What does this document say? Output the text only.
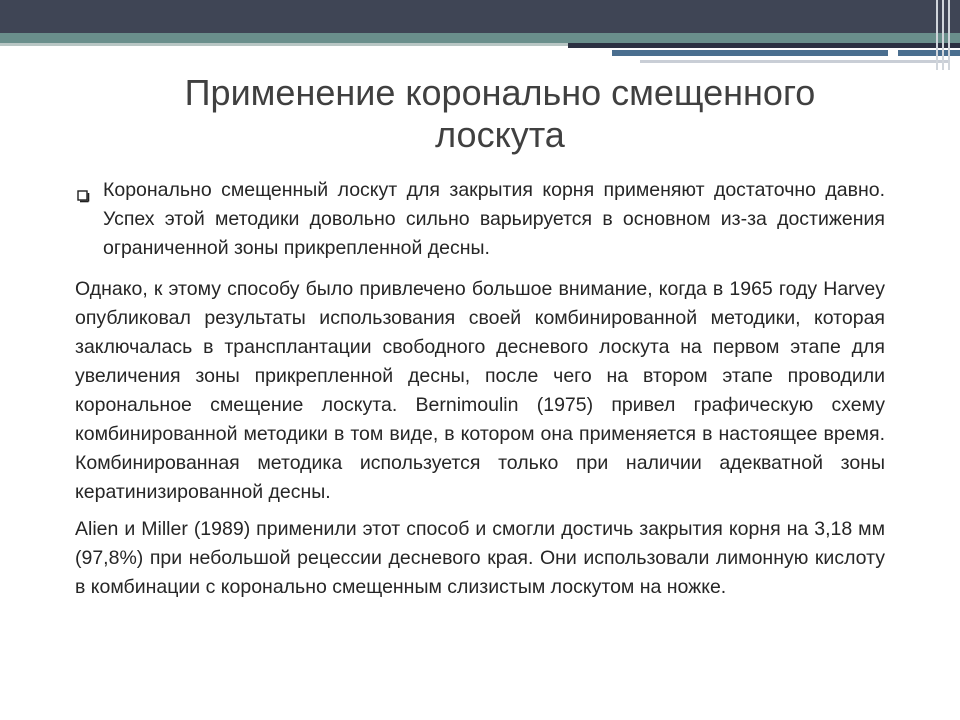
Применение коронально смещенного
лоскута

Коронально смещенный лоскут для закрытия корня применяют достаточно давно. Успех этой методики довольно сильно варьируется в основном из-за достижения ограниченной зоны прикрепленной десны.

Однако, к этому способу было привлечено большое внимание, когда в 1965 году Harvey опубликовал результаты использования своей комбинированной методики, которая заключалась в трансплантации свободного десневого лоскута на первом этапе для увеличения зоны прикрепленной десны, после чего на втором этапе проводили корональное смещение лоскута. Bernimoulin (1975) привел графическую схему комбинированной методики в том виде, в котором она применяется в настоящее время. Комбинированная методика используется только при наличии адекватной зоны кератинизированной десны.

Alien и Miller (1989) применили этот способ и смогли достичь закрытия корня на 3,18 мм (97,8%) при небольшой рецессии десневого края. Они использовали лимонную кислоту в комбинации с коронально смещенным слизистым лоскутом на ножке.
